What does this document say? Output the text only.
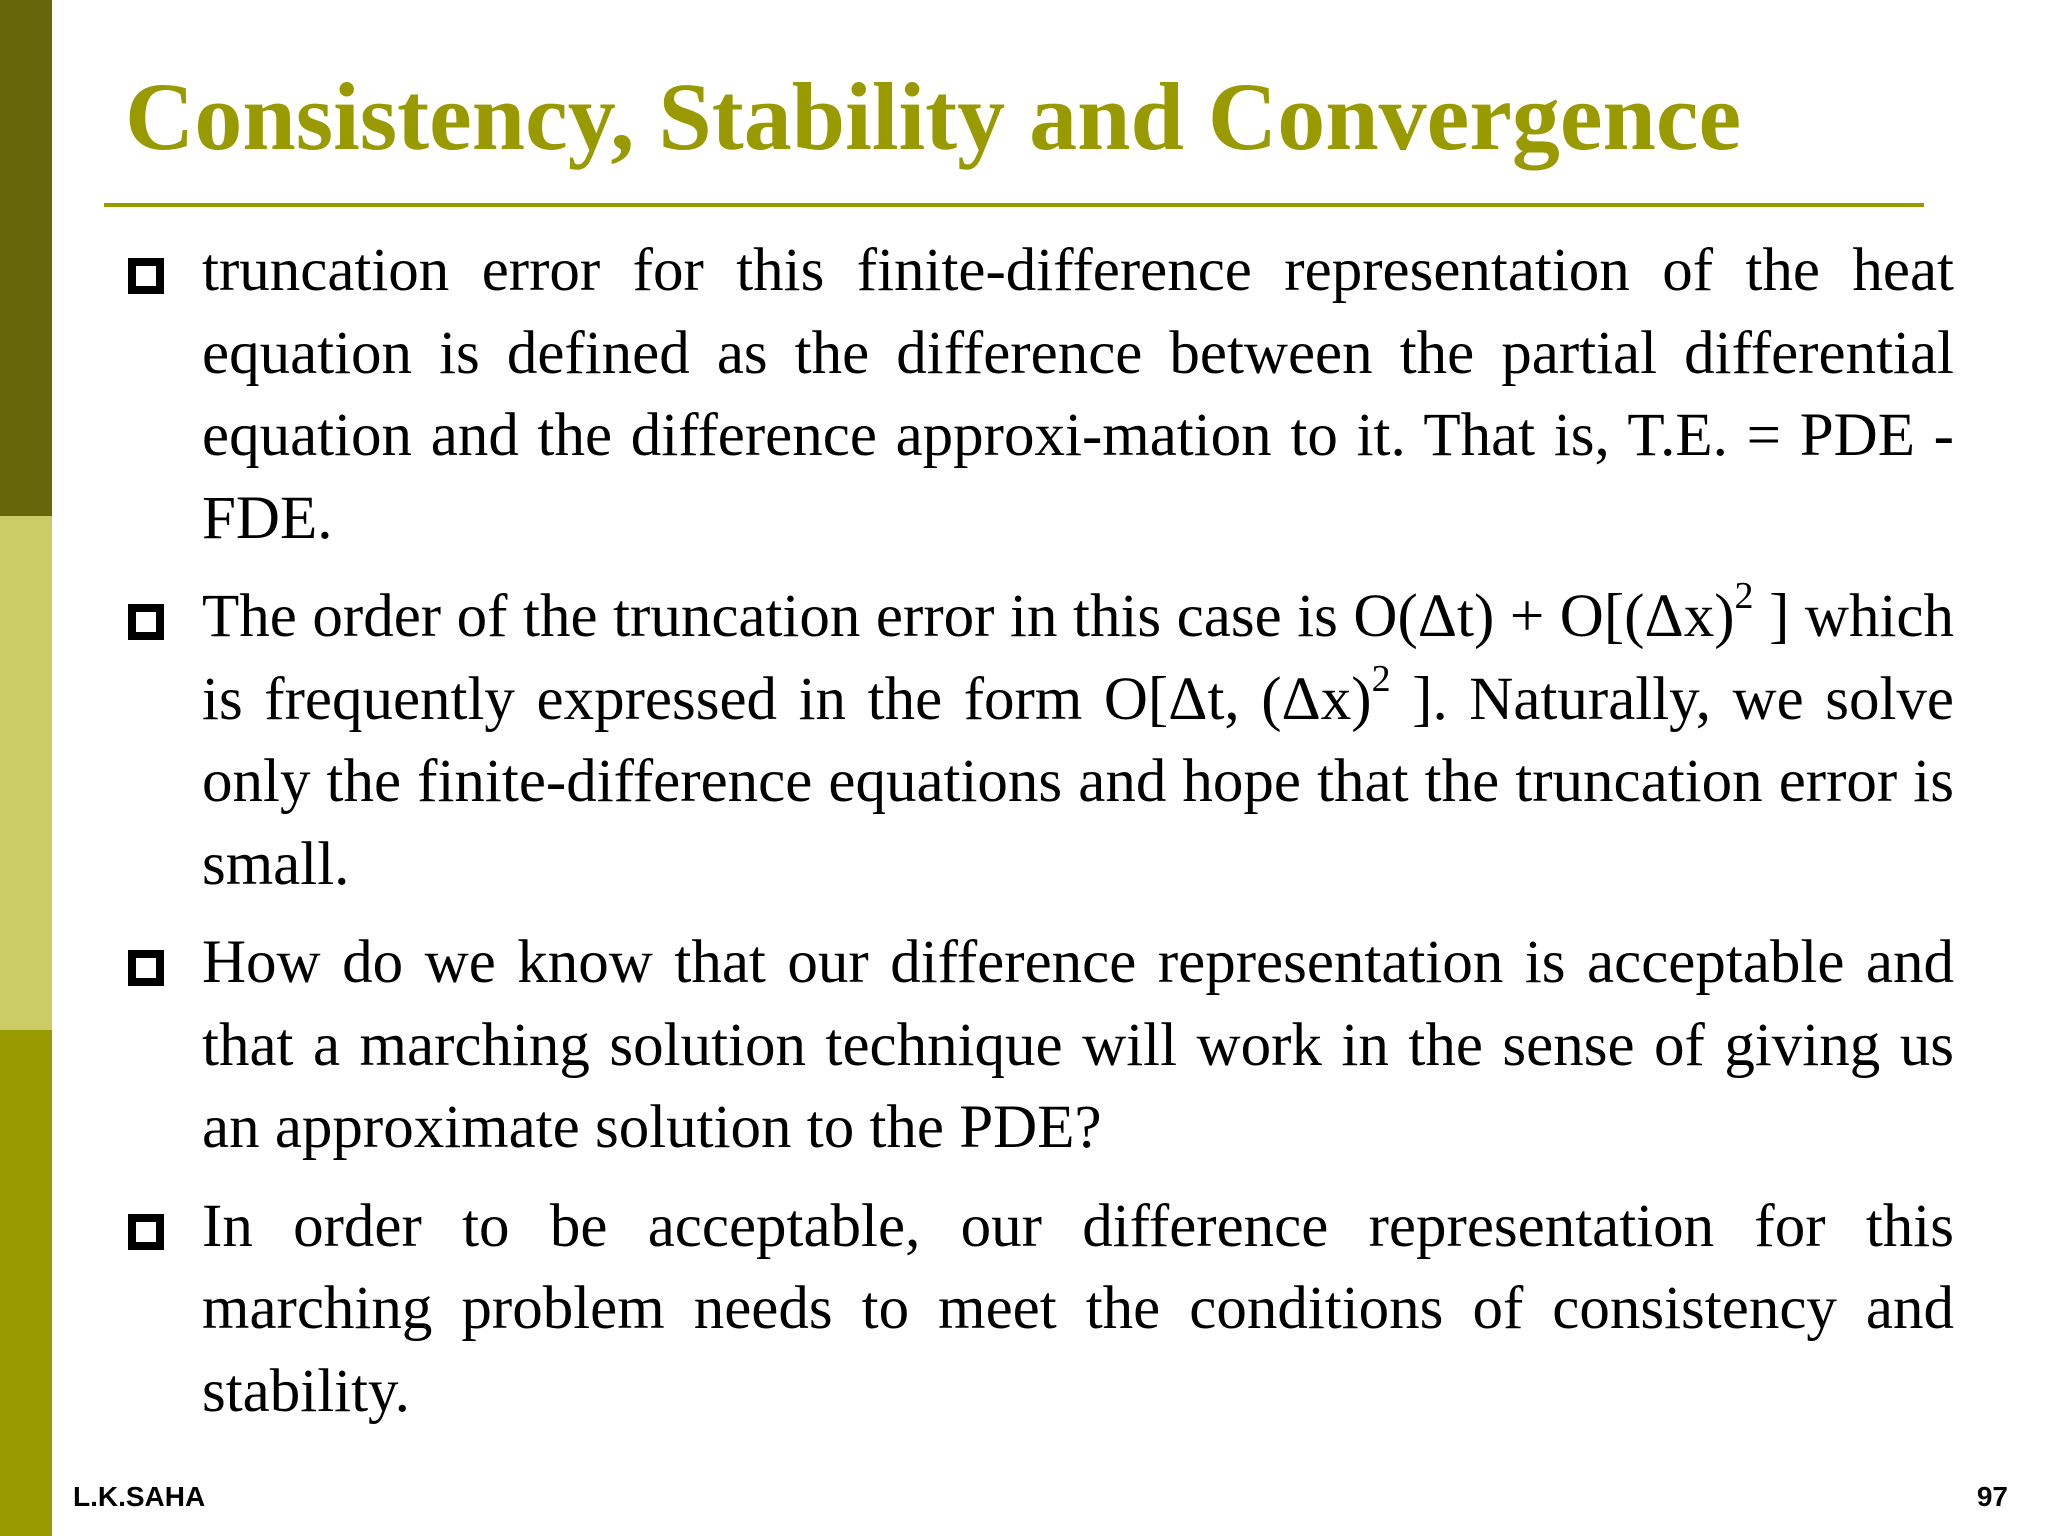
Consistency, Stability and Convergence
truncation error for this finite-difference representation of the heat equation is defined as the difference between the partial differential equation and the difference approxi-mation to it. That is, T.E. = PDE - FDE.
The order of the truncation error in this case is $O(\Delta t) + O[(\Delta x)^2$ ] which is frequently expressed in the form O[Δt, $(\Delta x)^2$ ]. Naturally, we solve only the finite-difference equations and hope that the truncation error is small.
How do we know that our difference representation is acceptable and that a marching solution technique will work in the sense of giving us an approximate solution to the PDE?
In order to be acceptable, our difference representation for this marching problem needs to meet the conditions of consistency and stability.
L.K.SAHA	97
